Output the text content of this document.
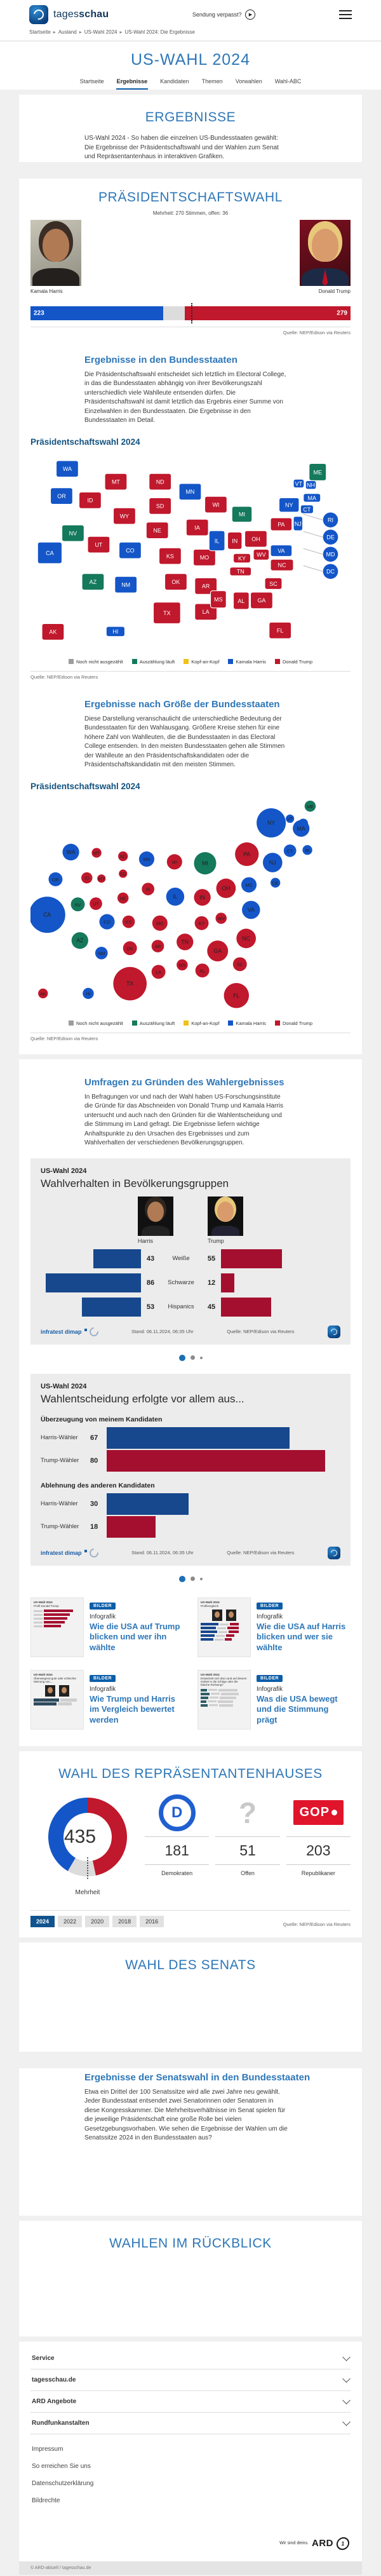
tagesschau	Sendung verpasst?	▶
Startseite ▸ Ausland ▸ US-Wahl 2024 ▸ US-Wahl 2024: Die Ergebnisse
US-WAHL 2024
Startseite Ergebnisse Kandidaten Themen Vorwahlen Wahl-ABC
ERGEBNISSE

US-Wahl 2024 - So haben die einzelnen US-Bundesstaaten gewählt: Die Ergebnisse der Präsidentschaftswahl und der Wahlen zum Senat und Repräsentantenhaus in interaktiven Grafiken.

PRÄSIDENTSCHAFTSWAHL
Mehrheit: 270 Stimmen, offen: 36
Kamala Harris	Donald Trump
223	279
Quelle: NEP/Edison via Reuters
Ergebnisse in den Bundesstaaten

Die Präsidentschaftswahl entscheidet sich letztlich im Electoral College, in das die Bundesstaaten abhängig von ihrer Bevölkerungszahl unterschiedlich viele Wahlleute entsenden dürfen. Die Präsidentschaftswahl ist damit letztlich das Ergebnis einer Summe von Einzelwahlen in den Bundesstaaten. Die Ergebnisse in den Bundesstaaten im Detail.

Präsidentschaftswahl 2024
WA
OR
ID
MT
WY
NV
UT
CA
AZ	NM
CO
ND
SD
NE
KS
OK
TX
MN
IA
MO
AR
LA
WI
IL
MS
MI
IN
KY
TN
AL
OH
WV
GA
FL
SC
NC
VA
PA
NY
ME
VT NH
MA
CT
NJ
AK	HI
RI
DE
MD
DC
Noch nicht ausgezählt	Auszählung läuft	Kopf-an-Kopf	Kamala Harris	Donald Trump
Quelle: NEP/Edison via Reuters
Ergebnisse nach Größe der Bundesstaaten

Diese Darstellung veranschaulicht die unterschiedliche Bedeutung der Bundesstaaten für den Wahlausgang. Größere Kreise stehen für eine höhere Zahl von Wahlleuten, die die Bundesstaaten in das Electoral College entsenden. In den meisten Bundesstaaten gehen alle Stimmen der Wahlleute an den Präsidentschaftskandidaten oder die Präsidentschaftskandidatin mit den meisten Stimmen.

Präsidentschaftswahl 2024
ME
VT
NY
MA
CT	RI
PA
NJ
MD	DE
WA	MT
ND
MN
WI	MI
OR	ID WY
SD
IA
NE	IL	IN
OH
WV
VA
CA
NV	UT
CO	KS	MO	KY
NC
AZ
NM
OK	AR
TN
GA
SC
MS
AL
LA
TX
FL
AK	HI
Noch nicht ausgezählt	Auszählung läuft	Kopf-an-Kopf	Kamala Harris	Donald Trump
Quelle: NEP/Edison via Reuters
Umfragen zu Gründen des Wahlergebnisses

In Befragungen vor und nach der Wahl haben US-Forschungsinstitute die Gründe für das Abschneiden von Donald Trump und Kamala Harris untersucht und auch nach den Gründen für die Wahlentscheidung und die Stimmung im Land gefragt. Die Ergebnisse liefern wichtige Anhaltspunkte zu den Ursachen des Ergebnisses und zum Wahlverhalten der verschiedenen Bevölkerungsgruppen.

US-Wahl 2024
Wahlverhalten in Bevölkerungsgruppen
Harris	Trump
43	Weiße	55
86	Schwarze	12
53	Hispanics	45
infratest dimap	Stand: 06.11.2024, 06:35 Uhr	Quelle: NEP/Edison via Reuters
US-Wahl 2024
Wahlentscheidung erfolgte vor allem aus...
Überzeugung von meinem Kandidaten
Harris-Wähler	67
Trump-Wähler	80
Ablehnung des anderen Kandidaten
Harris-Wähler	30
Trump-Wähler	18
infratest dimap	Stand: 06.11.2024, 06:35 Uhr	Quelle: NEP/Edison via Reuters
US-Wahl 2024
Profil Donald Trump	BILDER
Infografik
Wie die USA auf Trump blicken und wer ihn wählte
US-Wahl 2024
Profilvergleich	BILDER
Infografik
Wie die USA auf Harris blicken und wer sie wählte
US-Wahl 2024
Überwiegend gute oder schlechte Meinung von...
BILDER
Infografik
Wie Trump und Harris im Vergleich bewertet werden
US-Wahl 2024
Entwickelt sich das Land auf diesem Gebiet in die richtige oder die falsche Richtung?
BILDER
Infografik
Was die USA bewegt und die Stimmung prägt
WAHL DES REPRÄSENTANTENHAUSES
435
Mehrheit
D
181
Demokraten
?
51
Offen
GOP
203
Republikaner
2024	2022	2020	2018	2016	Quelle: NEP/Edison via Reuters
WAHL DES SENATS
Ergebnisse der Senatswahl in den Bundesstaaten

Etwa ein Drittel der 100 Senatssitze wird alle zwei Jahre neu gewählt. Jeder Bundesstaat entsendet zwei Senatorinnen oder Senatoren in diese Kongresskammer. Die Mehrheitsverhältnisse im Senat spielen für die jeweilige Präsidentschaft eine große Rolle bei vielen Gesetzgebungsvorhaben. Wie sehen die Ergebnisse der Wahlen um die Senatssitze 2024 in den Bundesstaaten aus?

WAHLEN IM RÜCKBLICK
Service
tagesschau.de
ARD Angebote
Rundfunkanstalten
Impressum
So erreichen Sie uns
Datenschutzerklärung
Bildrechte
Wir sind deins. ARD	1
© ARD-aktuell / tagesschau.de
